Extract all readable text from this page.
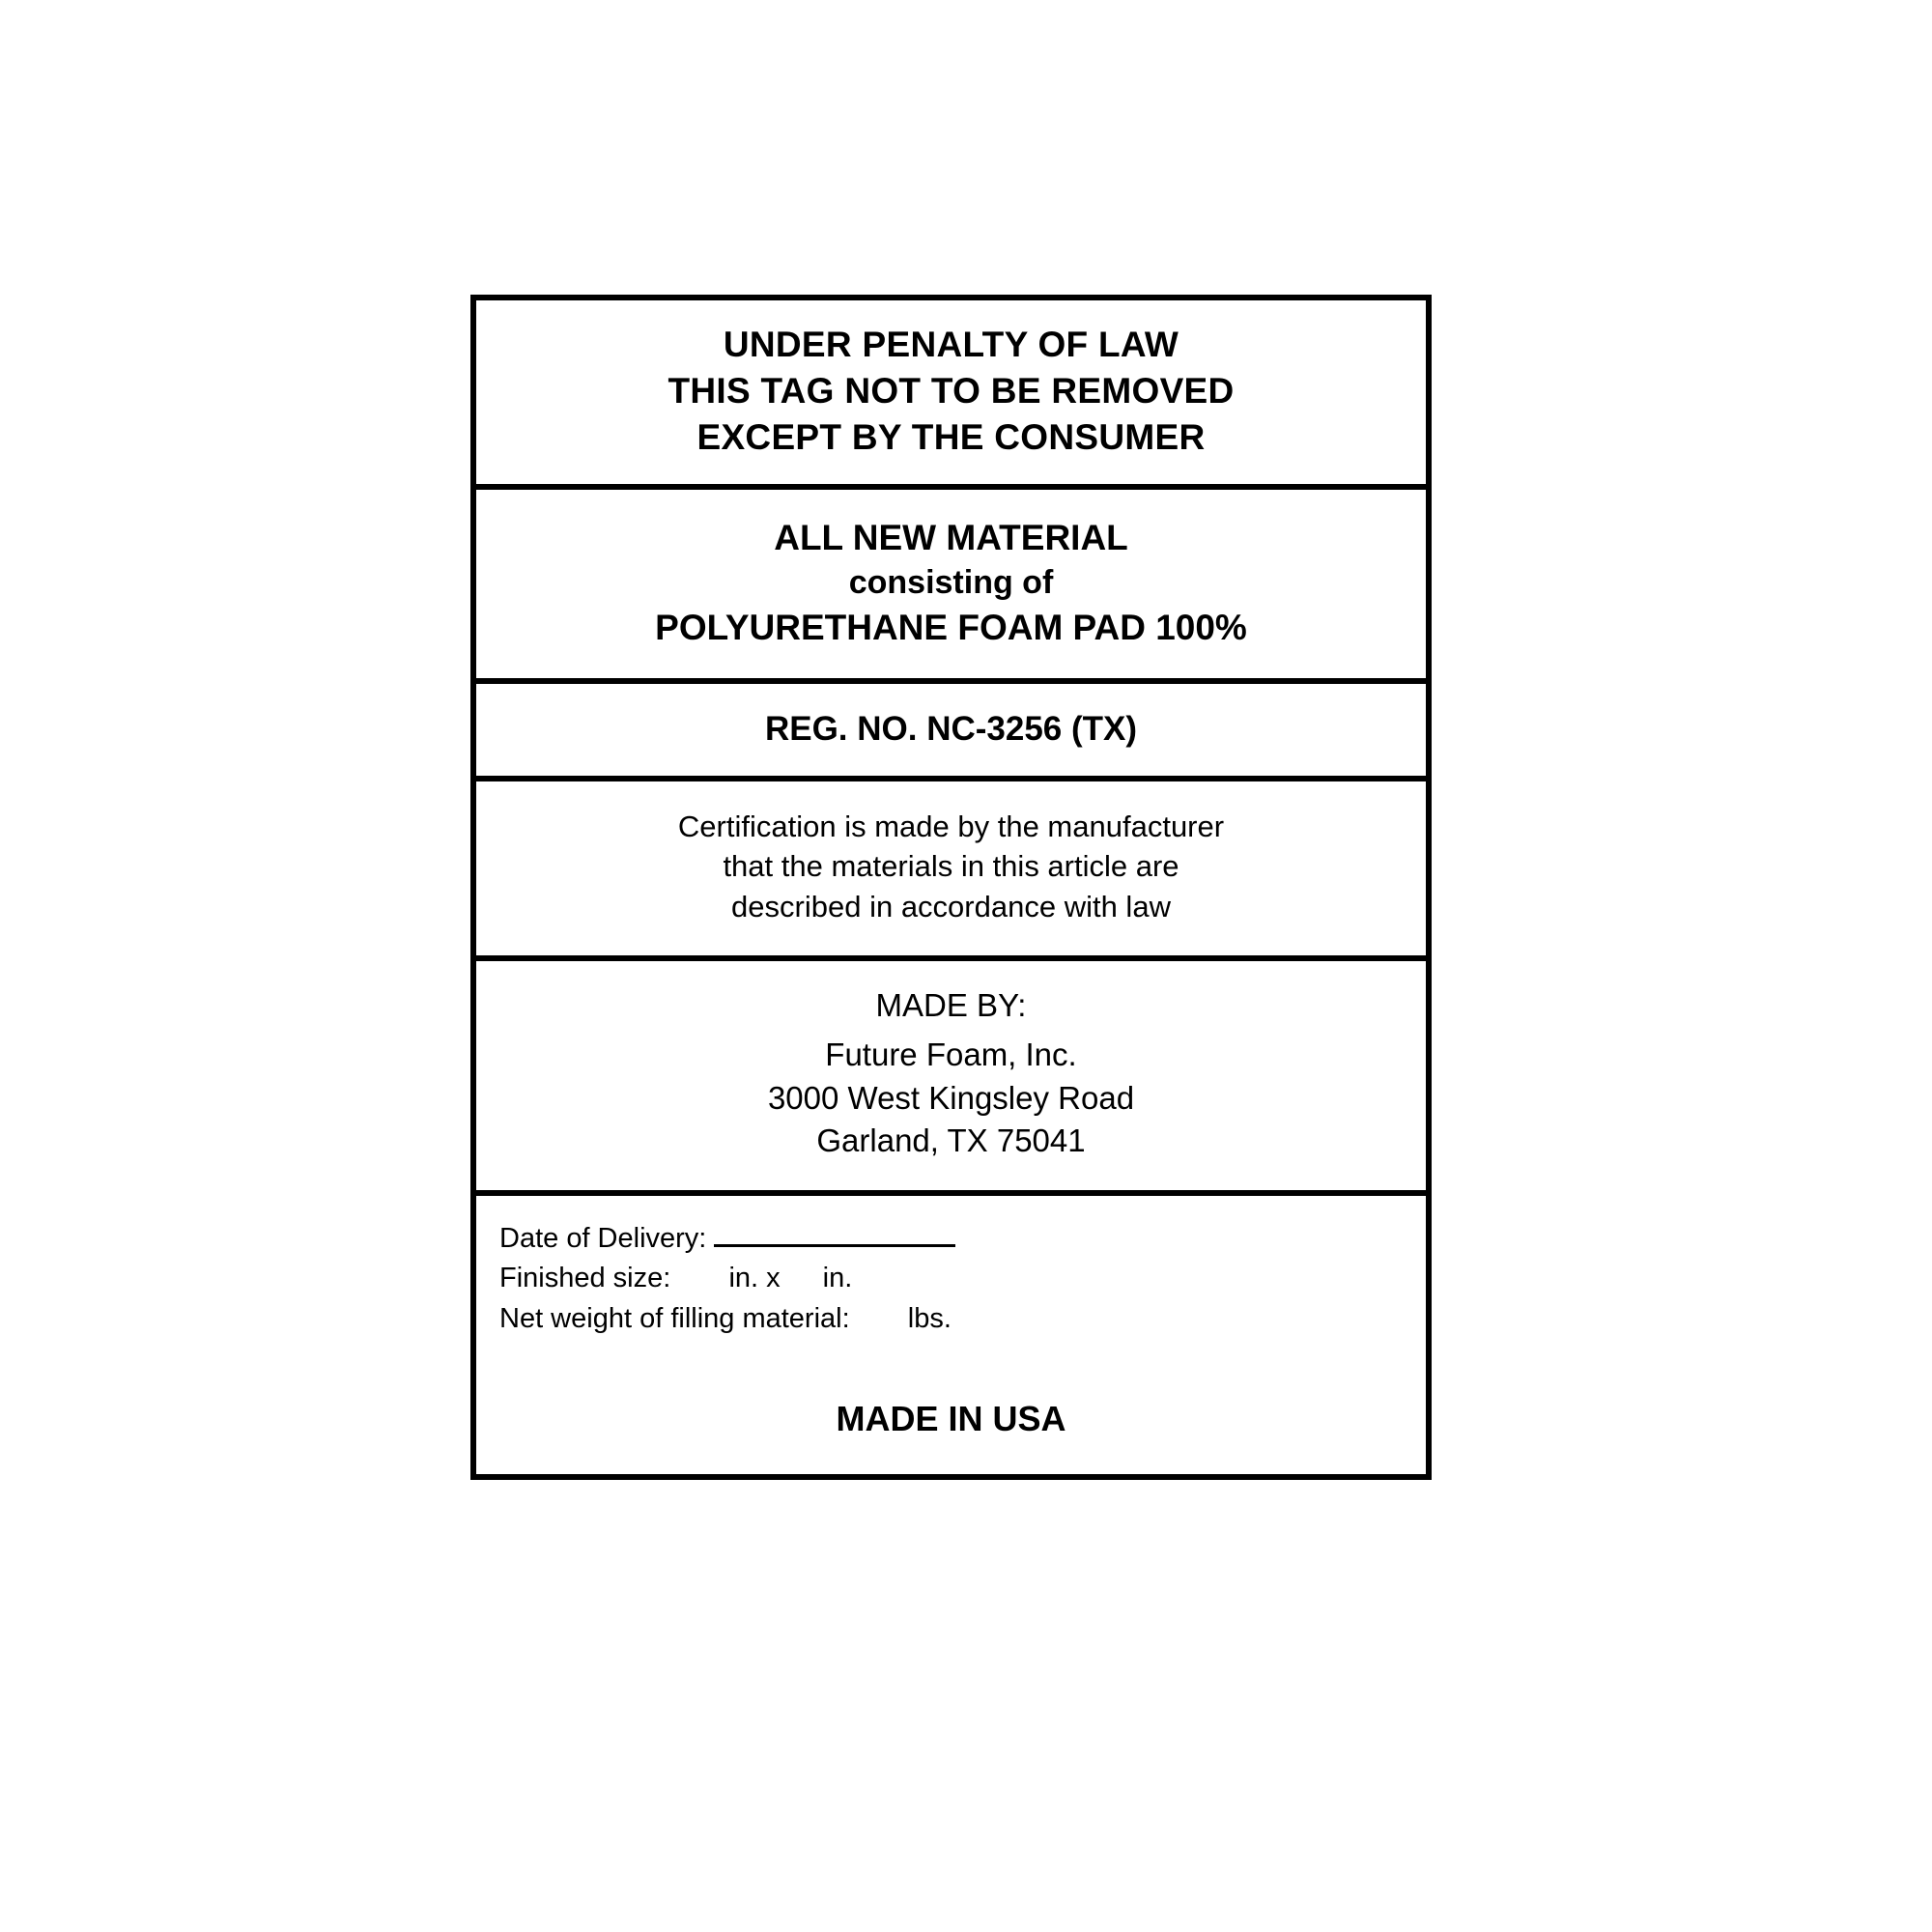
UNDER PENALTY OF LAW
THIS TAG NOT TO BE REMOVED
EXCEPT BY THE CONSUMER
ALL NEW MATERIAL
consisting of
POLYURETHANE FOAM PAD 100%
REG. NO. NC-3256 (TX)
Certification is made by the manufacturer
that the materials in this article are
described in accordance with law
MADE BY:
Future Foam, Inc.
3000 West Kingsley Road
Garland, TX 75041
Date of Delivery:
Finished size: in. x in.
Net weight of filling material: lbs.
MADE IN USA
